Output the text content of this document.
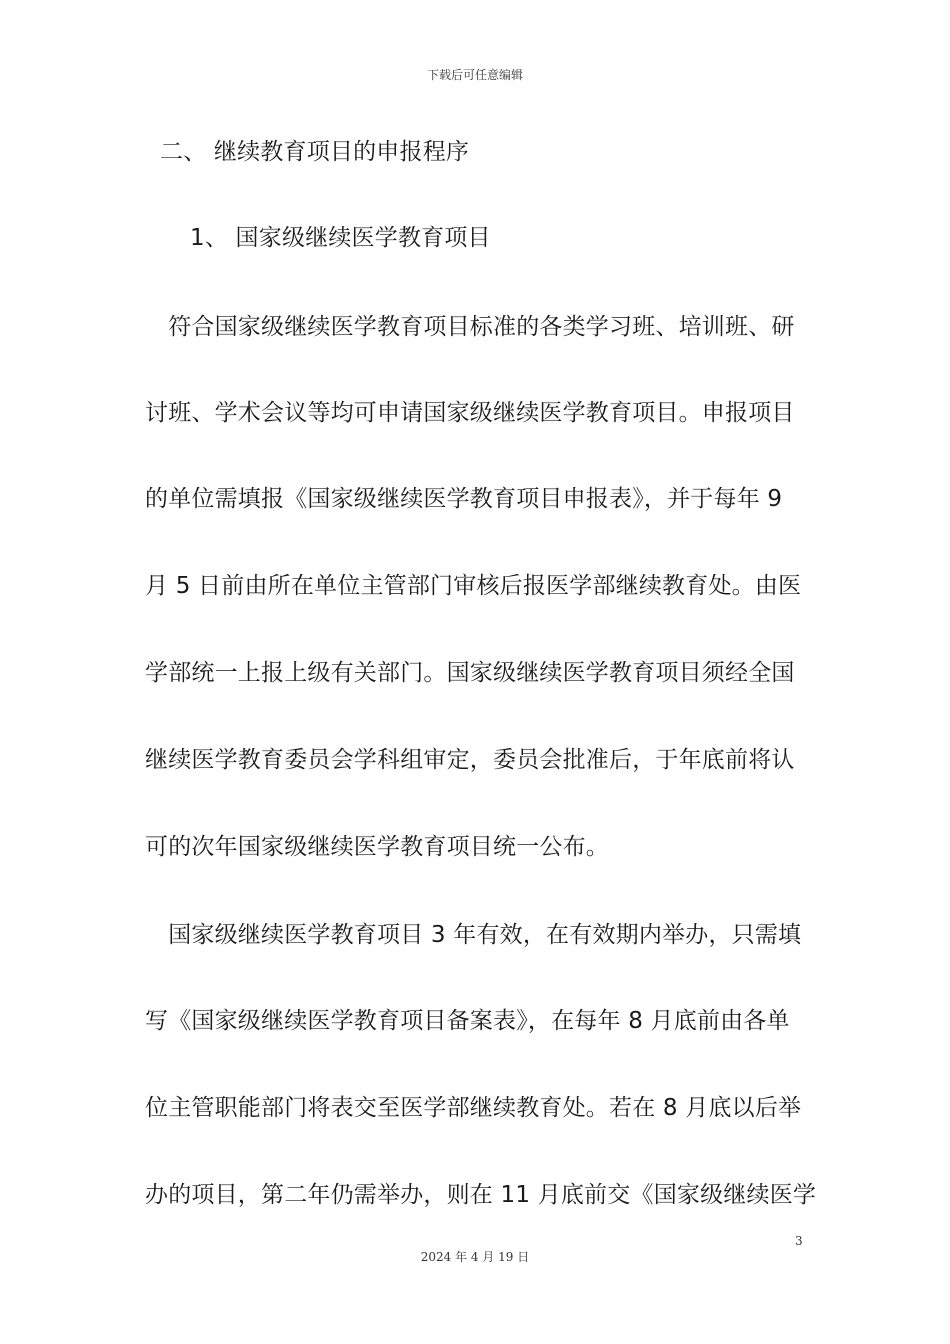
下载后可任意编辑
二、 继续教育项目的申报程序
1、 国家级继续医学教育项目
　符合国家级继续医学教育项目标准的各类学习班、培训班、研
讨班、学术会议等均可申请国家级继续医学教育项目。申报项目
的单位需填报《国家级继续医学教育项目申报表》，并于每年 9
月 5 日前由所在单位主管部门审核后报医学部继续教育处。由医
学部统一上报上级有关部门。国家级继续医学教育项目须经全国
继续医学教育委员会学科组审定，委员会批准后，于年底前将认
可的次年国家级继续医学教育项目统一公布。
　国家级继续医学教育项目 3 年有效，在有效期内举办，只需填
写《国家级继续医学教育项目备案表》，在每年 8 月底前由各单
位主管职能部门将表交至医学部继续教育处。若在 8 月底以后举
办的项目，第二年仍需举办，则在 11 月底前交《国家级继续医学
3
2024 年 4 月 19 日
